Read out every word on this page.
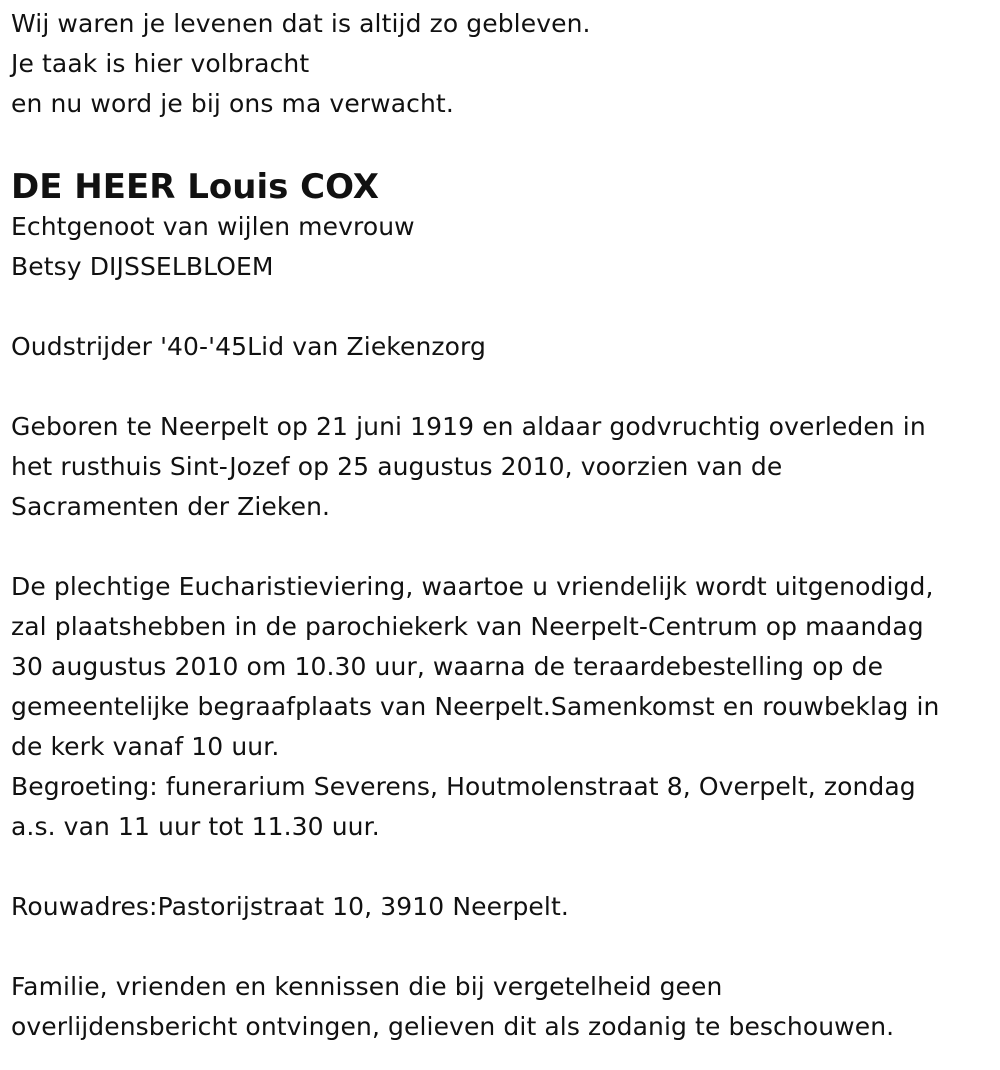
Wij waren je levenen dat is altijd zo gebleven.
Je taak is hier volbracht
en nu word je bij ons ma verwacht.
DE HEER Louis COX
Echtgenoot van wijlen mevrouw
Betsy DIJSSELBLOEM
Oudstrijder '40-'45Lid van Ziekenzorg
Geboren te Neerpelt op 21 juni 1919 en aldaar godvruchtig overleden in
het rusthuis Sint-Jozef op 25 augustus 2010, voorzien van de
Sacramenten der Zieken.
De plechtige Eucharistieviering, waartoe u vriendelijk wordt uitgenodigd,
zal plaatshebben in de parochiekerk van Neerpelt-Centrum op maandag
30 augustus 2010 om 10.30 uur, waarna de teraardebestelling op de
gemeentelijke begraafplaats van Neerpelt.Samenkomst en rouwbeklag in
de kerk vanaf 10 uur.
Begroeting: funerarium Severens, Houtmolenstraat 8, Overpelt, zondag
a.s. van 11 uur tot 11.30 uur.
Rouwadres:Pastorijstraat 10, 3910 Neerpelt.
Familie, vrienden en kennissen die bij vergetelheid geen
overlijdensbericht ontvingen, gelieven dit als zodanig te beschouwen.
